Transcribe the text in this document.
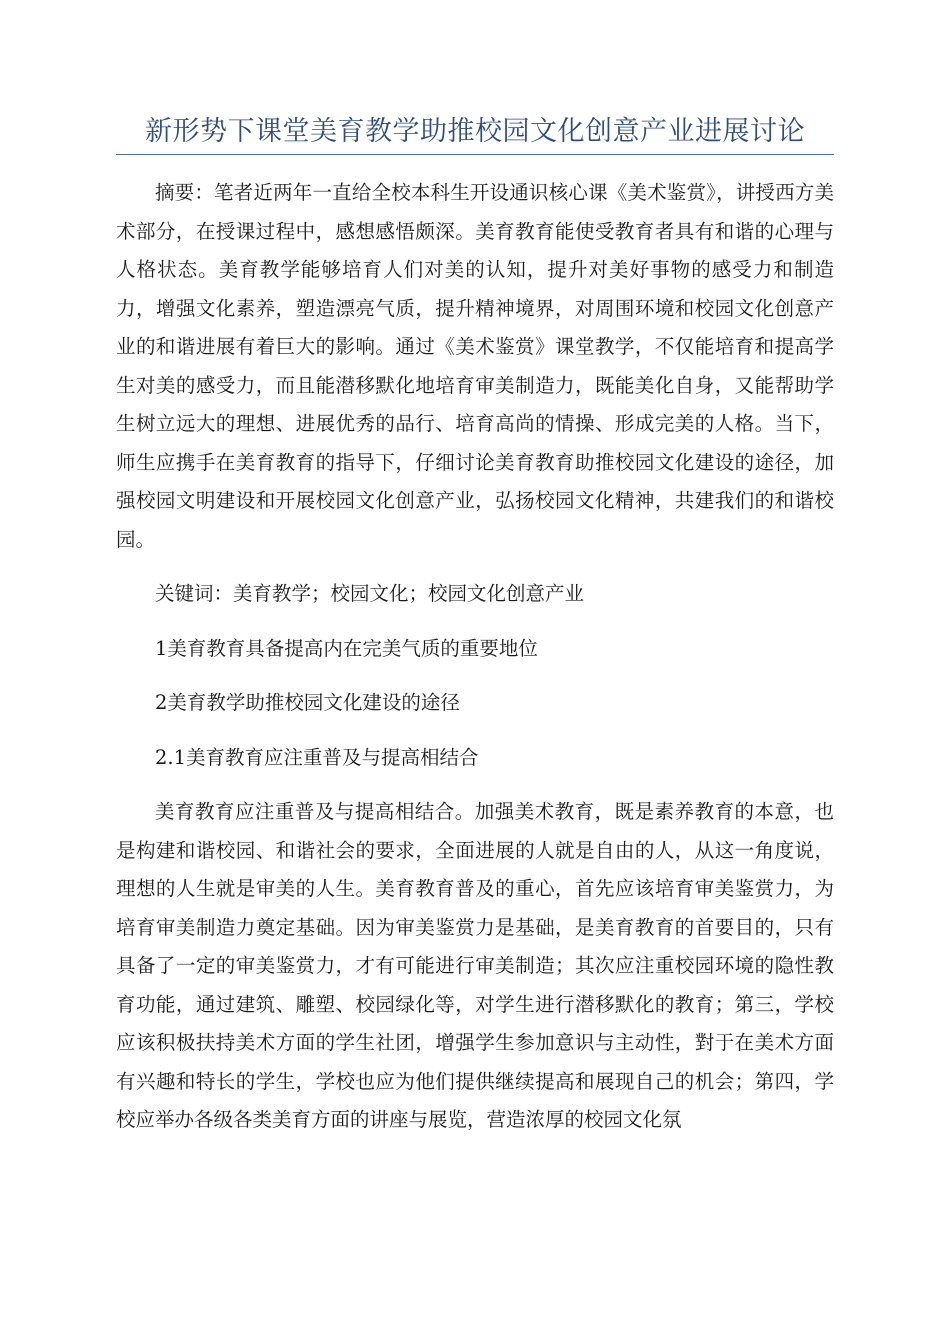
新形势下课堂美育教学助推校园文化创意产业进展讨论

摘要：笔者近两年一直给全校本科生开设通识核心课《美术鉴赏》，讲授西方美术部分，在授课过程中，感想感悟颇深。美育教育能使受教育者具有和谐的心理与人格状态。美育教学能够培育人们对美的认知，提升对美好事物的感受力和制造力，增强文化素养，塑造漂亮气质，提升精神境界，对周围环境和校园文化创意产业的和谐进展有着巨大的影响。通过《美术鉴赏》课堂教学，不仅能培育和提高学生对美的感受力，而且能潜移默化地培育审美制造力，既能美化自身，又能帮助学生树立远大的理想、进展优秀的品行、培育高尚的情操、形成完美的人格。当下，师生应携手在美育教育的指导下，仔细讨论美育教育助推校园文化建设的途径，加强校园文明建设和开展校园文化创意产业，弘扬校园文化精神，共建我们的和谐校园。

关键词：美育教学；校园文化；校园文化创意产业

1美育教育具备提高内在完美气质的重要地位

2美育教学助推校园文化建设的途径

2.1美育教育应注重普及与提高相结合

美育教育应注重普及与提高相结合。加强美术教育，既是素养教育的本意，也是构建和谐校园、和谐社会的要求，全面进展的人就是自由的人，从这一角度说，理想的人生就是审美的人生。美育教育普及的重心，首先应该培育审美鉴赏力，为培育审美制造力奠定基础。因为审美鉴赏力是基础，是美育教育的首要目的，只有具备了一定的审美鉴赏力，才有可能进行审美制造；其次应注重校园环境的隐性教育功能，通过建筑、雕塑、校园绿化等，对学生进行潜移默化的教育；第三，学校应该积极扶持美术方面的学生社团，增强学生参加意识与主动性，對于在美术方面有兴趣和特长的学生，学校也应为他们提供继续提高和展现自己的机会；第四，学校应举办各级各类美育方面的讲座与展览，营造浓厚的校园文化氛
